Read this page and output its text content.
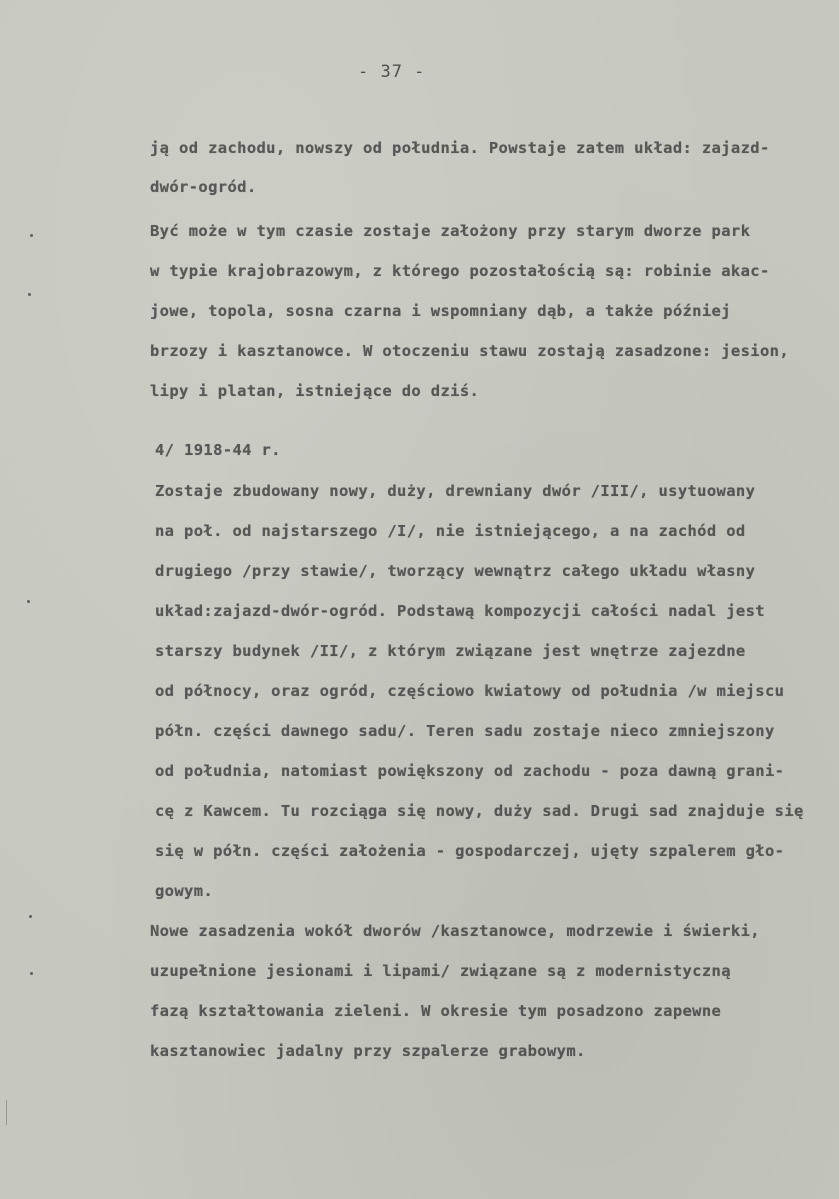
- 37 -
ją od zachodu, nowszy od południa. Powstaje zatem układ: zajazd-
dwór-ogród.
Być może w tym czasie zostaje założony przy starym dworze park
w typie krajobrazowym, z którego pozostałością są: robinie akac-
jowe, topola, sosna czarna i wspomniany dąb, a także później
brzozy i kasztanowce. W otoczeniu stawu zostają zasadzone: jesion,
lipy i platan, istniejące do dziś.
4/ 1918-44 r.
Zostaje zbudowany nowy, duży, drewniany dwór /III/, usytuowany
na poł. od najstarszego /I/, nie istniejącego, a na zachód od
drugiego /przy stawie/, tworzący wewnątrz całego układu własny
układ:zajazd-dwór-ogród. Podstawą kompozycji całości nadal jest
starszy budynek /II/, z którym związane jest wnętrze zajezdne
od północy, oraz ogród, częściowo kwiatowy od południa /w miejscu
półn. części dawnego sadu/. Teren sadu zostaje nieco zmniejszony
od południa, natomiast powiększony od zachodu - poza dawną grani-
cę z Kawcem. Tu rozciąga się nowy, duży sad. Drugi sad znajduje się
się w półn. części założenia - gospodarczej, ujęty szpalerem gło-
gowym.
Nowe zasadzenia wokół dworów /kasztanowce, modrzewie i świerki,
uzupełnione jesionami i lipami/ związane są z modernistyczną
fazą kształtowania zieleni. W okresie tym posadzono zapewne
kasztanowiec jadalny przy szpalerze grabowym.
